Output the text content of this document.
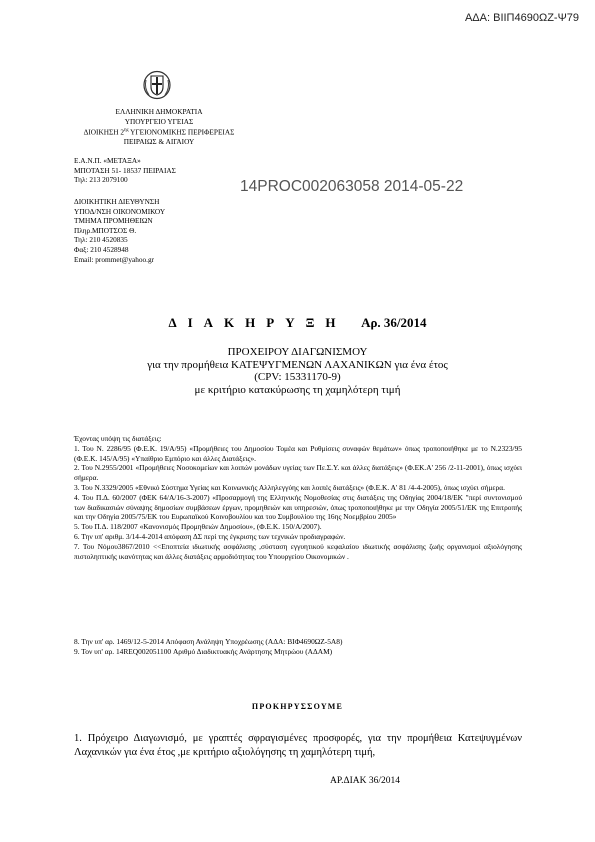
ΑΔΑ: ΒΙΙΠ4690ΩΖ-Ψ79
ΕΛΛΗΝΙΚΗ ΔΗΜΟΚΡΑΤΙΑ
ΥΠΟΥΡΓΕΙΟ ΥΓΕΙΑΣ
ΔΙΟΙΚΗΣΗ $2^{\eta\varsigma}$ ΥΓΕΙΟΝΟΜΙΚΗΣ ΠΕΡΙΦΕΡΕΙΑΣ
ΠΕΙΡΑΙΩΣ & ΑΙΓΑΙΟΥ
Ε.Α.Ν.Π. «ΜΕΤΑΞΑ»
ΜΠΟΤΑΣΗ 51- 18537 ΠΕΙΡΑΙΑΣ
Τηλ: 213 2079100
ΔΙΟΙΚΗΤΙΚΗ ΔΙΕΥΘΥΝΣΗ
ΥΠΟΔ/ΝΣΗ ΟΙΚΟΝΟΜΙΚΟΥ
ΤΜΗΜΑ ΠΡΟΜΗΘΕΙΩΝ
Πληρ.ΜΠΟΤΣΟΣ Θ.
Τηλ: 210 4520835
Φαξ: 210 4528948
Email: prommet@yahoo.gr
14PROC002063058 2014-05-22
ΔΙΑΚΗΡΥΞΗ Αρ. 36/2014
ΠΡΟΧΕΙΡΟΥ ΔΙΑΓΩΝΙΣΜΟΥ
για την προμήθεια ΚΑΤΕΨΥΓΜΕΝΩΝ ΛΑΧΑΝΙΚΩΝ για ένα έτος
(CPV: 15331170-9)
με κριτήριο κατακύρωσης τη χαμηλότερη τιμή

Έχοντας υπόψη τις διατάξεις:

1. Του Ν. 2286/95 (Φ.Ε.Κ. 19/Α/95) «Προμήθειες του Δημοσίου Τομέα και Ρυθμίσεις συναφών θεμάτων» όπως τροποποιήθηκε με το Ν.2323/95 (Φ.Ε.Κ. 145/Α/95) «Υπαίθριο Εμπόριο και άλλες Διατάξεις».

2. Του Ν.2955/2001 «Προμήθειες Νοσοκομείων και λοιπών μονάδων υγείας των Πε.Σ.Υ. και άλλες διατάξεις» (Φ.ΕΚ.Α' 256 /2-11-2001), όπως ισχύει σήμερα.

3. Του Ν.3329/2005 «Εθνικό Σύστημα Υγείας και Κοινωνικής Αλληλεγγύης και λοιπές διατάξεις» (Φ.Ε.Κ. Α' 81 /4-4-2005), όπως ισχύει σήμερα.

4. Του Π.Δ. 60/2007 (ΦΕΚ 64/Α/16-3-2007) «Προσαρμογή της Ελληνικής Νομοθεσίας στις διατάξεις της Οδηγίας 2004/18/ΕΚ "περί συντονισμού των διαδικασιών σύναψης δημοσίων συμβάσεων έργων, προμηθειών και υπηρεσιών, όπως τροποποιήθηκε με την Οδηγία 2005/51/ΕΚ της Επιτροπής και την Οδηγία 2005/75/ΕΚ του Ευρωπαϊκού Κοινοβουλίου και του Συμβουλίου της 16ης Νοεμβρίου 2005»

5. Του Π.Δ. 118/2007 «Κανονισμός Προμηθειών Δημοσίου», (Φ.Ε.Κ. 150/Α/2007).

6. Την υπ' αριθμ. 3/14-4-2014 απόφαση ΔΣ περί της έγκρισης των τεχνικών προδιαγραφών.

7. Του Νόμου3867/2010 <<Εποπτεία ιδιωτικής ασφάλισης ,σύσταση εγγυητικού κεφαλαίου ιδιωτικής ασφάλισης ζωής οργανισμοί αξιολόγησης πιστοληπτικής ικανότητας και άλλες διατάξεις αρμοδιότητας του Υπουργείου Οικονομικών .

8. Την υπ' αρ. 1469/12-5-2014 Απόφαση Ανάληψη Υποχρέωσης (ΑΔΑ: ΒΙΦ4690ΩΖ-5Α8)
9. Τον υπ' αρ. 14REQ002051100 Αριθμό Διαδικτυακής Ανάρτησης Μητρώου (ΑΔΑΜ)
ΠΡΟΚΗΡΥΣΣΟΥΜΕ
1. Πρόχειρο Διαγωνισμό, με γραπτές σφραγισμένες προσφορές, για την προμήθεια Κατεψυγμένων Λαχανικών για ένα έτος ,με κριτήριο αξιολόγησης τη χαμηλότερη τιμή,
ΑΡ.ΔΙΑΚ 36/2014
